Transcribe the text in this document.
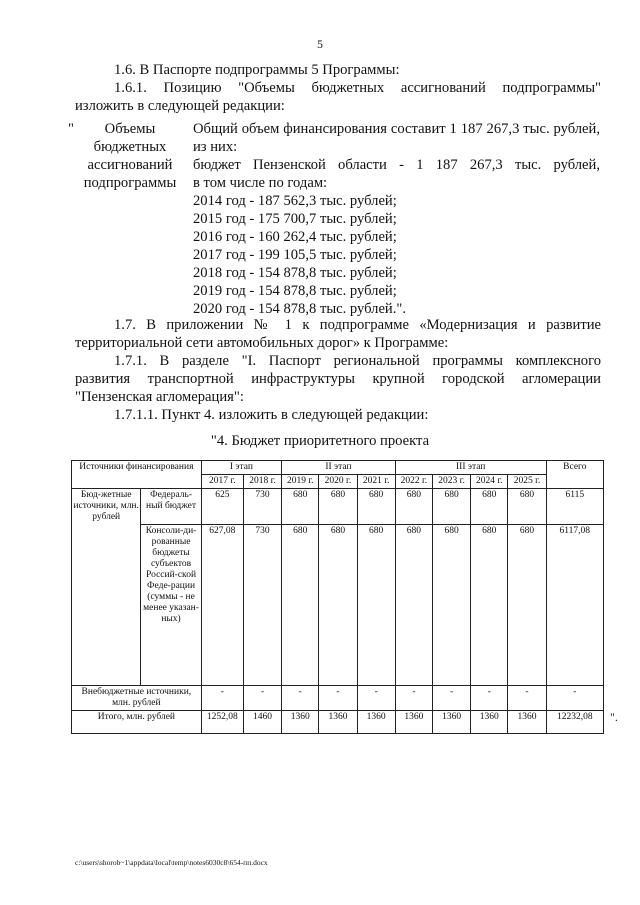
5
1.6. В Паспорте подпрограммы 5 Программы:
1.6.1. Позицию "Объемы бюджетных ассигнований подпрограммы"
изложить в следующей редакции:
"	Объемы
бюджетных
ассигнований
подпрограммы
Общий объем финансирования составит 1 187 267,3 тыс. рублей,
из них:
бюджет Пензенской области - 1 187 267,3 тыс. рублей,
в том числе по годам:
2014 год - 187 562,3 тыс. рублей;
2015 год - 175 700,7 тыс. рублей;
2016 год - 160 262,4 тыс. рублей;
2017 год - 199 105,5 тыс. рублей;
2018 год - 154 878,8 тыс. рублей;
2019 год - 154 878,8 тыс. рублей;
2020 год - 154 878,8 тыс. рублей.".
1.7. В приложении № 1 к подпрограмме «Модернизация и развитие
территориальной сети автомобильных дорог» к Программе:
1.7.1. В разделе "I. Паспорт региональной программы комплексного
развития транспортной инфраструктуры крупной городской агломерации
"Пензенская агломерация":
1.7.1.1. Пункт 4. изложить в следующей редакции:
"4. Бюджет приоритетного проекта
Источники финансирования		I этап		II этап			III этап				Всего
		2017 г.	2018 г.	2019 г.	2020 г.	2021 г.	2022 г.	2023 г.	2024 г.	2025 г.	
Бюд-жетные источники, млн. рублей	Федераль-ный бюджет	625	730	680	680	680	680	680	680	680	6115
	Консоли-ди-рованные бюджеты субъектов Россий-ской Феде-рации (суммы - не менее указан-ных)	627,08	730	680	680	680	680	680	680	680	6117,08
Внебюджетные источники, млн. рублей		-	-	-	-	-	-	-	-	-	-
Итого, млн. рублей		1252,08	1460	1360	1360	1360	1360	1360	1360	1360	12232,08 ".
c:\users\shorob~1\appdata\local\temp\notes6030c8\654-пп.docx
